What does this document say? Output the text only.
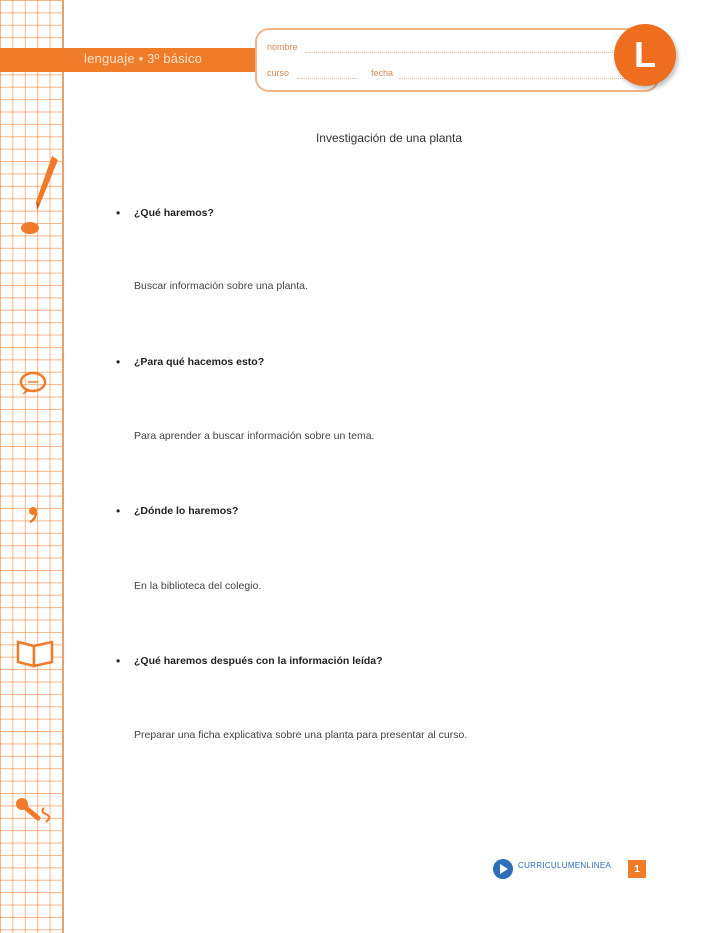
lenguaje • 3º básico
nombre
curso	fecha	L
Investigación de una planta
• ¿Qué haremos?
Buscar información sobre una planta.
• ¿Para qué hacemos esto?
Para aprender a buscar información sobre un tema.
• ¿Dónde lo haremos?
En la biblioteca del colegio.
• ¿Qué haremos después con la información leída?
Preparar una ficha explicativa sobre una planta para presentar al curso.
CURRICULUMENLINEA	1
